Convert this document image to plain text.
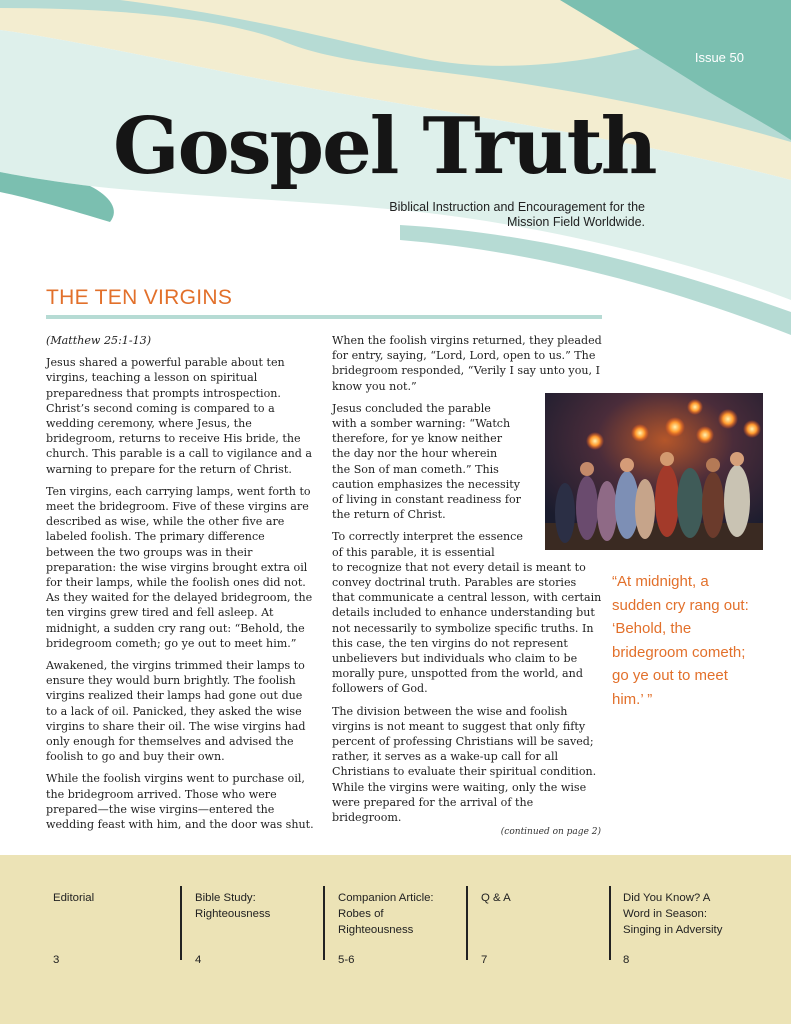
Issue 50
Gospel Truth
Biblical Instruction and Encouragement for the
Mission Field Worldwide.
THE TEN VIRGINS

(Matthew 25:1-13)

Jesus shared a powerful parable about ten virgins, teaching a lesson on spiritual preparedness that prompts introspection. Christ’s second coming is compared to a wedding ceremony, where Jesus, the bridegroom, returns to receive His bride, the church. This parable is a call to vigilance and a warning to prepare for the return of Christ.

Ten virgins, each carrying lamps, went forth to meet the bridegroom. Five of these virgins are described as wise, while the other five are labeled foolish. The primary difference between the two groups was in their preparation: the wise virgins brought extra oil for their lamps, while the foolish ones did not. As they waited for the delayed bridegroom, the ten virgins grew tired and fell asleep. At midnight, a sudden cry rang out: “Behold, the bridegroom cometh; go ye out to meet him.”

Awakened, the virgins trimmed their lamps to ensure they would burn brightly. The foolish virgins realized their lamps had gone out due to a lack of oil. Panicked, they asked the wise virgins to share their oil. The wise virgins had only enough for themselves and advised the foolish to go and buy their own.

While the foolish virgins went to purchase oil, the bridegroom arrived. Those who were prepared—the wise virgins—entered the wedding feast with him, and the door was shut.

When the foolish virgins returned, they pleaded for entry, saying, “Lord, Lord, open to us.” The bridegroom responded, “Verily I say unto you, I know you not.”

Jesus concluded the parable
with a somber warning: “Watch
therefore, for ye know neither
the day nor the hour wherein
the Son of man cometh.” This
caution emphasizes the necessity
of living in constant readiness for
the return of Christ.

To correctly interpret the essence
of this parable, it is essential
to recognize that not every detail is meant to convey doctrinal truth. Parables are stories that communicate a central lesson, with certain details included to enhance understanding but not necessarily to symbolize specific truths. In this case, the ten virgins do not represent unbelievers but individuals who claim to be morally pure, unspotted from the world, and followers of God.

The division between the wise and foolish virgins is not meant to suggest that only fifty percent of professing Christians will be saved; rather, it serves as a wake-up call for all Christians to evaluate their spiritual condition. While the virgins were waiting, only the wise were prepared for the arrival of the bridegroom.

“At midnight, a sudden cry rang out: ‘Behold, the bridegroom cometh; go ye out to meet him.’ ”
(continued on page 2)
Editorial
3
Bible Study: Righteousness
4
Companion Article: Robes of Righteousness
5-6
Q & A
7
Did You Know? A Word in Season: Singing in Adversity
8
